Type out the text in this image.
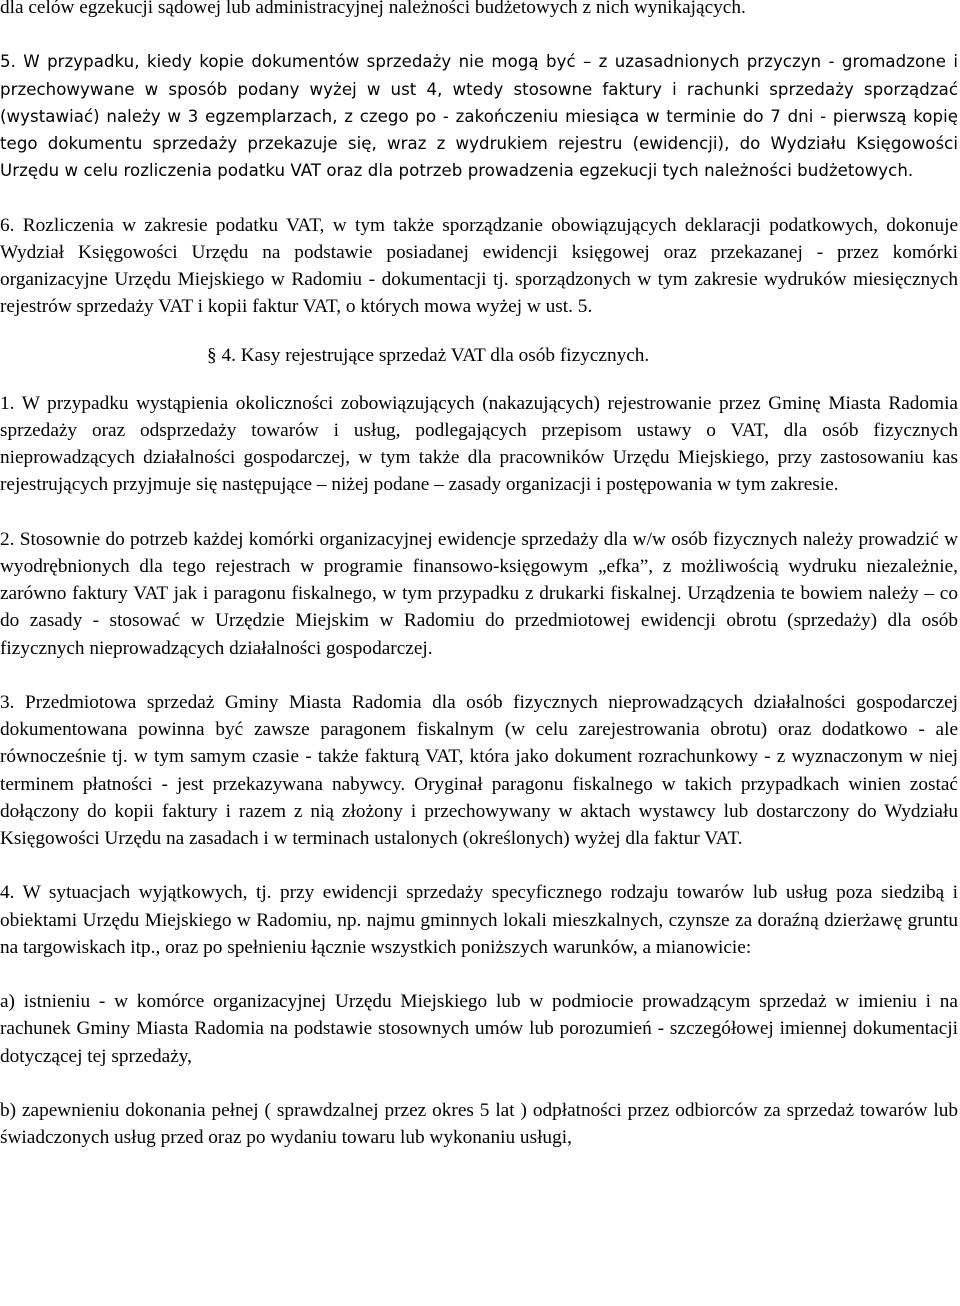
dla celów egzekucji sądowej lub administracyjnej należności budżetowych z nich wynikających.

5. W przypadku, kiedy kopie dokumentów sprzedaży nie mogą być – z uzasadnionych przyczyn - gromadzone i przechowywane w sposób podany wyżej w ust 4, wtedy stosowne faktury i rachunki sprzedaży sporządzać (wystawiać) należy w 3 egzemplarzach, z czego po - zakończeniu miesiąca w terminie do 7 dni - pierwszą kopię tego dokumentu sprzedaży przekazuje się, wraz z wydrukiem rejestru (ewidencji), do Wydziału Księgowości Urzędu w celu rozliczenia podatku VAT oraz dla potrzeb prowadzenia egzekucji tych należności budżetowych.

6. Rozliczenia w zakresie podatku VAT, w tym także sporządzanie obowiązujących deklaracji podatkowych, dokonuje Wydział Księgowości Urzędu na podstawie posiadanej ewidencji księgowej oraz przekazanej - przez komórki organizacyjne Urzędu Miejskiego w Radomiu - dokumentacji tj. sporządzonych w tym zakresie wydruków miesięcznych rejestrów sprzedaży VAT i kopii faktur VAT, o których mowa wyżej w ust. 5.

§ 4. Kasy rejestrujące sprzedaż VAT dla osób fizycznych.

1. W przypadku wystąpienia okoliczności zobowiązujących (nakazujących) rejestrowanie przez Gminę Miasta Radomia sprzedaży oraz odsprzedaży towarów i usług, podlegających przepisom ustawy o VAT, dla osób fizycznych nieprowadzących działalności gospodarczej, w tym także dla pracowników Urzędu Miejskiego, przy zastosowaniu kas rejestrujących przyjmuje się następujące – niżej podane – zasady organizacji i postępowania w tym zakresie.

2. Stosownie do potrzeb każdej komórki organizacyjnej ewidencje sprzedaży dla w/w osób fizycznych należy prowadzić w wyodrębnionych dla tego rejestrach w programie finansowo-księgowym „efka”, z możliwością wydruku niezależnie, zarówno faktury VAT jak i paragonu fiskalnego, w tym przypadku z drukarki fiskalnej. Urządzenia te bowiem należy – co do zasady - stosować w Urzędzie Miejskim w Radomiu do przedmiotowej ewidencji obrotu (sprzedaży) dla osób fizycznych nieprowadzących działalności gospodarczej.

3. Przedmiotowa sprzedaż Gminy Miasta Radomia dla osób fizycznych nieprowadzących działalności gospodarczej dokumentowana powinna być zawsze paragonem fiskalnym (w celu zarejestrowania obrotu) oraz dodatkowo - ale równocześnie tj. w tym samym czasie - także fakturą VAT, która jako dokument rozrachunkowy - z wyznaczonym w niej terminem płatności - jest przekazywana nabywcy. Oryginał paragonu fiskalnego w takich przypadkach winien zostać dołączony do kopii faktury i razem z nią złożony i przechowywany w aktach wystawcy lub dostarczony do Wydziału Księgowości Urzędu na zasadach i w terminach ustalonych (określonych) wyżej dla faktur VAT.

4. W sytuacjach wyjątkowych, tj. przy ewidencji sprzedaży specyficznego rodzaju towarów lub usług poza siedzibą i obiektami Urzędu Miejskiego w Radomiu, np. najmu gminnych lokali mieszkalnych, czynsze za doraźną dzierżawę gruntu na targowiskach itp., oraz po spełnieniu łącznie wszystkich poniższych warunków, a mianowicie:

a) istnieniu - w komórce organizacyjnej Urzędu Miejskiego lub w podmiocie prowadzącym sprzedaż w imieniu i na rachunek Gminy Miasta Radomia na podstawie stosownych umów lub porozumień - szczegółowej imiennej dokumentacji dotyczącej tej sprzedaży,

b) zapewnieniu dokonania pełnej ( sprawdzalnej przez okres 5 lat ) odpłatności przez odbiorców za sprzedaż towarów lub świadczonych usług przed oraz po wydaniu towaru lub wykonaniu usługi,
